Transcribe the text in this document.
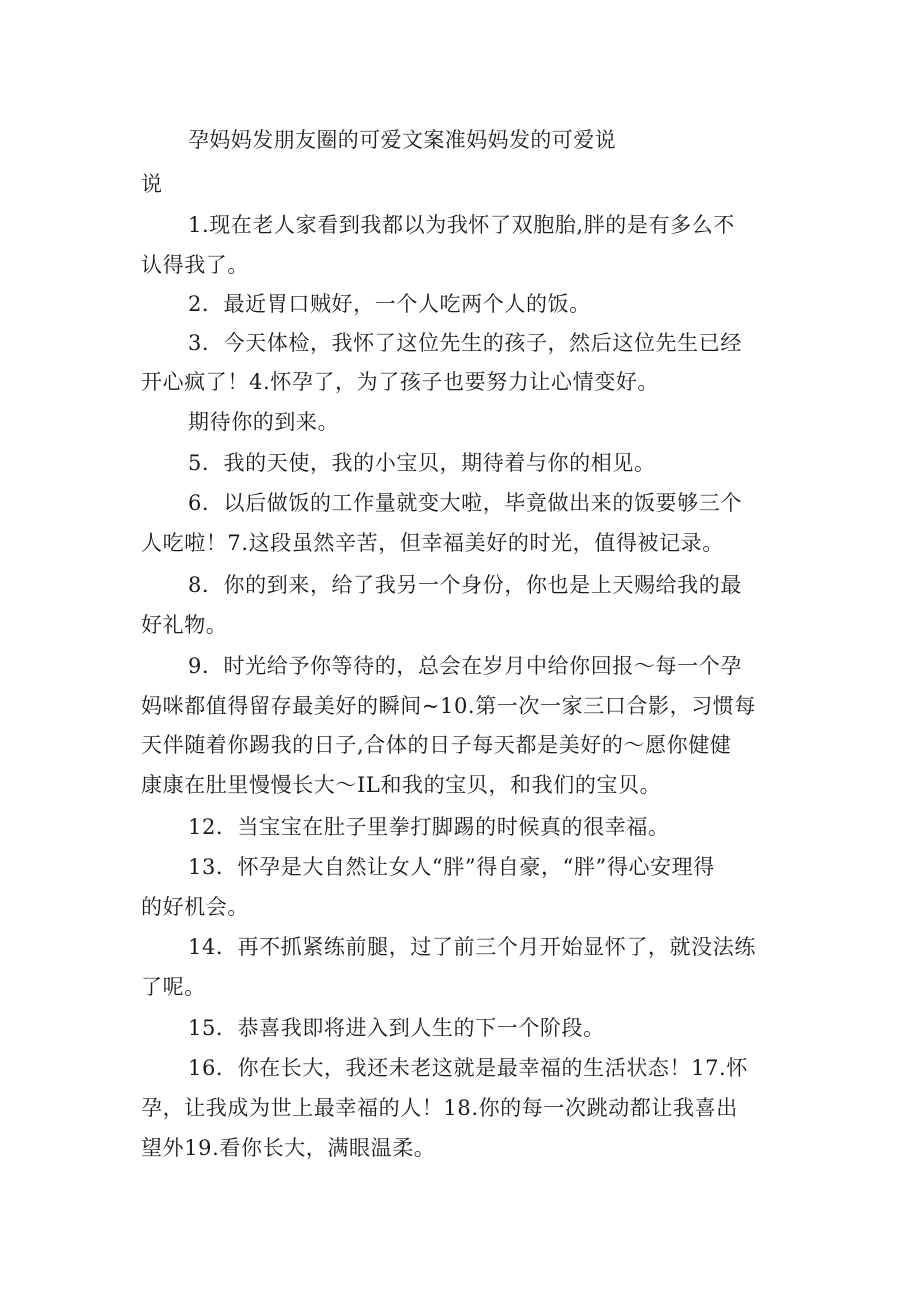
孕妈妈发朋友圈的可爱文案准妈妈发的可爱说
说
1.现在老人家看到我都以为我怀了双胞胎,胖的是有多么不
认得我了。
2．最近胃口贼好，一个人吃两个人的饭。
3．今天体检，我怀了这位先生的孩子，然后这位先生已经
开心疯了！4.怀孕了，为了孩子也要努力让心情变好。
期待你的到来。
5．我的天使，我的小宝贝，期待着与你的相见。
6．以后做饭的工作量就变大啦，毕竟做出来的饭要够三个
人吃啦！7.这段虽然辛苦，但幸福美好的时光，值得被记录。
8．你的到来，给了我另一个身份，你也是上天赐给我的最
好礼物。
9．时光给予你等待的，总会在岁月中给你回报～每一个孕
妈咪都值得留存最美好的瞬间~10.第一次一家三口合影，习惯每
天伴随着你踢我的日子,合体的日子每天都是美好的～愿你健健
康康在肚里慢慢长大～IL和我的宝贝，和我们的宝贝。
12．当宝宝在肚子里拳打脚踢的时候真的很幸福。
13．怀孕是大自然让女人“胖”得自豪，“胖”得心安理得
的好机会。
14．再不抓紧练前腿，过了前三个月开始显怀了，就没法练
了呢。
15．恭喜我即将进入到人生的下一个阶段。
16．你在长大，我还未老这就是最幸福的生活状态！17.怀
孕，让我成为世上最幸福的人！18.你的每一次跳动都让我喜出
望外19.看你长大，满眼温柔。
